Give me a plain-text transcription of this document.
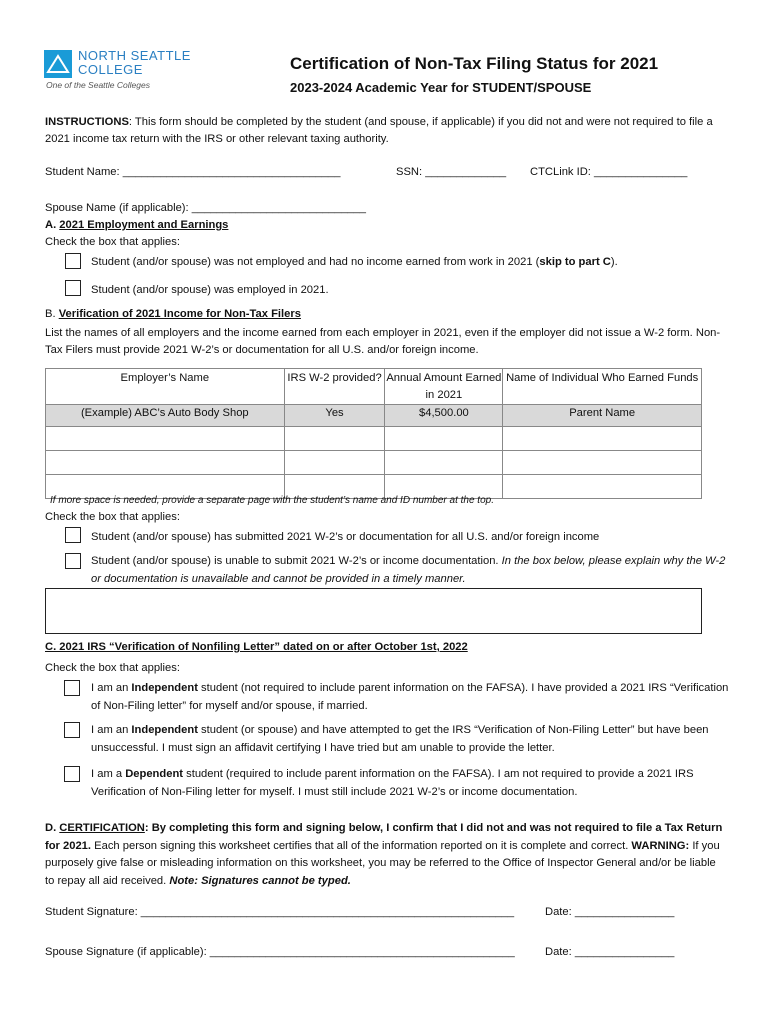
NORTH SEATTLE
COLLEGE
One of the Seattle Colleges
Certification of Non-Tax Filing Status for 2021
2023-2024 Academic Year for STUDENT/SPOUSE
INSTRUCTIONS: This form should be completed by the student (and spouse, if applicable) if you did not and were not required to file a 2021 income tax return with the IRS or other relevant taxing authority.
Student Name: ___________________________________	SSN: _____________ CTCLink ID: _______________
Spouse Name (if applicable): ____________________________
A. 2021 Employment and Earnings
Check the box that applies:
Student (and/or spouse) was not employed and had no income earned from work in 2021 (skip to part C).
Student (and/or spouse) was employed in 2021.
B. Verification of 2021 Income for Non-Tax Filers
List the names of all employers and the income earned from each employer in 2021, even if the employer did not issue a W-2 form. Non-Tax Filers must provide 2021 W-2’s or documentation for all U.S. and/or foreign income.
Employer’s Name	IRS W-2 provided?	Annual Amount Earned in 2021	Name of Individual Who Earned Funds
(Example) ABC’s Auto Body Shop	Yes	$4,500.00	Parent Name

If more space is needed, provide a separate page with the student’s name and ID number at the top.
Check the box that applies:
Student (and/or spouse) has submitted 2021 W-2’s or documentation for all U.S. and/or foreign income
Student (and/or spouse) is unable to submit 2021 W-2’s or income documentation. In the box below, please explain why the W-2 or documentation is unavailable and cannot be provided in a timely manner.
C. 2021 IRS “Verification of Nonfiling Letter” dated on or after October 1st, 2022
Check the box that applies:
I am an Independent student (not required to include parent information on the FAFSA). I have provided a 2021 IRS “Verification of Non-Filing letter” for myself and/or spouse, if married.
I am an Independent student (or spouse) and have attempted to get the IRS “Verification of Non-Filing Letter” but have been unsuccessful. I must sign an affidavit certifying I have tried but am unable to provide the letter.
I am a Dependent student (required to include parent information on the FAFSA). I am not required to provide a 2021 IRS Verification of Non-Filing letter for myself. I must still include 2021 W-2’s or income documentation.
D. CERTIFICATION: By completing this form and signing below, I confirm that I did not and was not required to file a Tax Return for 2021. Each person signing this worksheet certifies that all of the information reported on it is complete and correct. WARNING: If you purposely give false or misleading information on this worksheet, you may be referred to the Office of Inspector General and/or be liable to repay all aid received. Note: Signatures cannot be typed.
Student Signature: ____________________________________________________________	Date: ________________
Spouse Signature (if applicable): _________________________________________________	Date: ________________
